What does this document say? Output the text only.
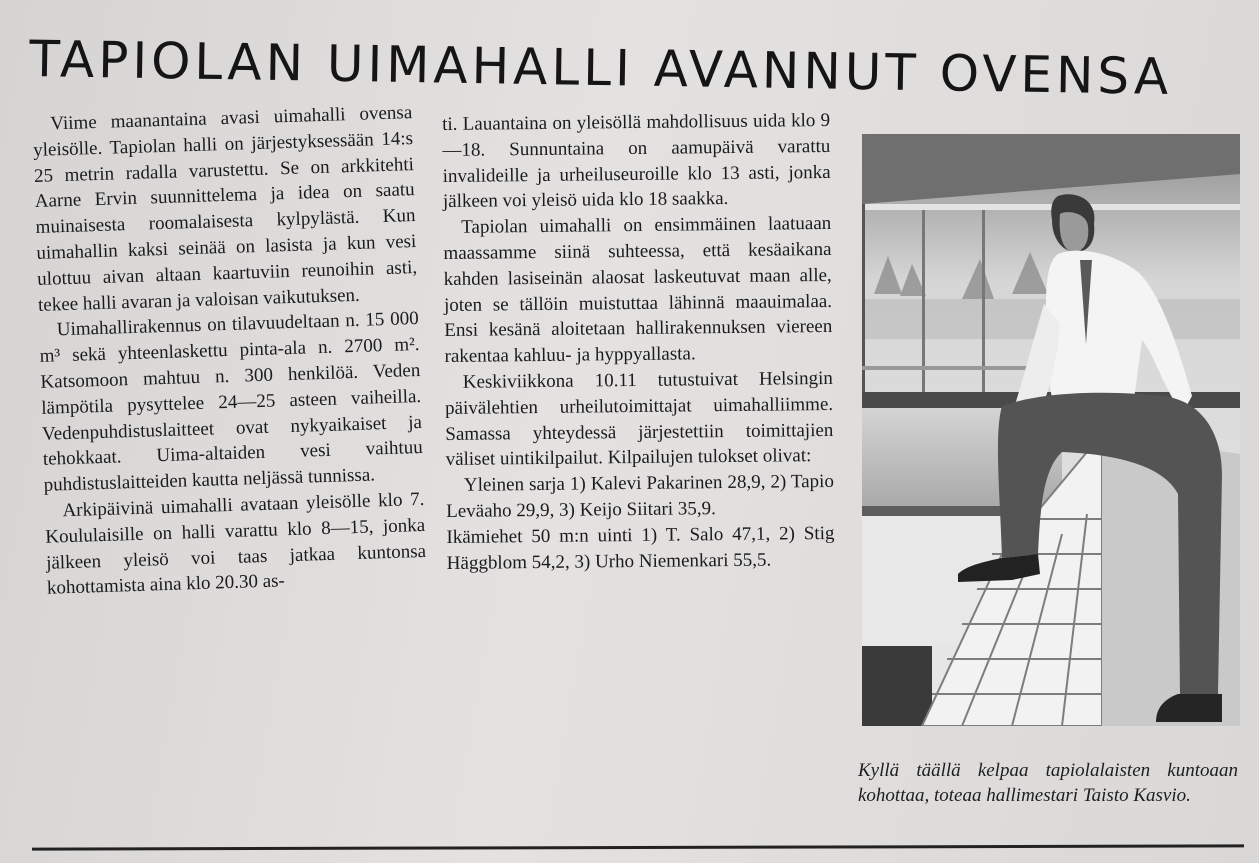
TAPIOLAN UIMAHALLI AVANNUT OVENSA

Viime maanantaina avasi uimahalli ovensa yleisölle. Tapiolan halli on järjestyksessään 14:s 25 metrin radalla varustettu. Se on arkkitehti Aarne Ervin suunnittelema ja idea on saatu muinaisesta roomalaisesta kylpylästä. Kun uimahallin kaksi seinää on lasista ja kun vesi ulottuu aivan altaan kaartuviin reunoihin asti, tekee halli avaran ja valoisan vaikutuksen.

Uimahallirakennus on tilavuudeltaan n. 15 000 m³ sekä yhteenlaskettu pinta-ala n. 2700 m². Katsomoon mahtuu n. 300 henkilöä. Veden lämpötila pysyttelee 24—25 asteen vaiheilla. Vedenpuhdistuslaitteet ovat nykyaikaiset ja tehokkaat. Uima-altaiden vesi vaihtuu puhdistuslaitteiden kautta neljässä tunnissa.

Arkipäivinä uimahalli avataan yleisölle klo 7. Koululaisille on halli varattu klo 8—15, jonka jälkeen yleisö voi taas jatkaa kuntonsa kohottamista aina klo 20.30 as-

ti. Lauantaina on yleisöllä mahdollisuus uida klo 9—18. Sunnuntaina on aamupäivä varattu invalideille ja urheiluseuroille klo 13 asti, jonka jälkeen voi yleisö uida klo 18 saakka.

Tapiolan uimahalli on ensimmäinen laatuaan maassamme siinä suhteessa, että kesäaikana kahden lasiseinän alaosat laskeutuvat maan alle, joten se tällöin muistuttaa lähinnä maauimalaa. Ensi kesänä aloitetaan hallirakennuksen viereen rakentaa kahluu- ja hyppyallasta.

Keskiviikkona 10.11 tutustuivat Helsingin päivälehtien urheilutoimittajat uimahalliimme. Samassa yhteydessä järjestettiin toimittajien väliset uintikilpailut. Kilpailujen tulokset olivat:

Yleinen sarja 1) Kalevi Pakarinen 28,9, 2) Tapio Leväaho 29,9, 3) Keijo Siitari 35,9.

Ikämiehet 50 m:n uinti 1) T. Salo 47,1, 2) Stig Häggblom 54,2, 3) Urho Niemenkari 55,5.

Kyllä täällä kelpaa tapiolalaisten kuntoaan kohottaa, toteaa hallimestari Taisto Kasvio.
